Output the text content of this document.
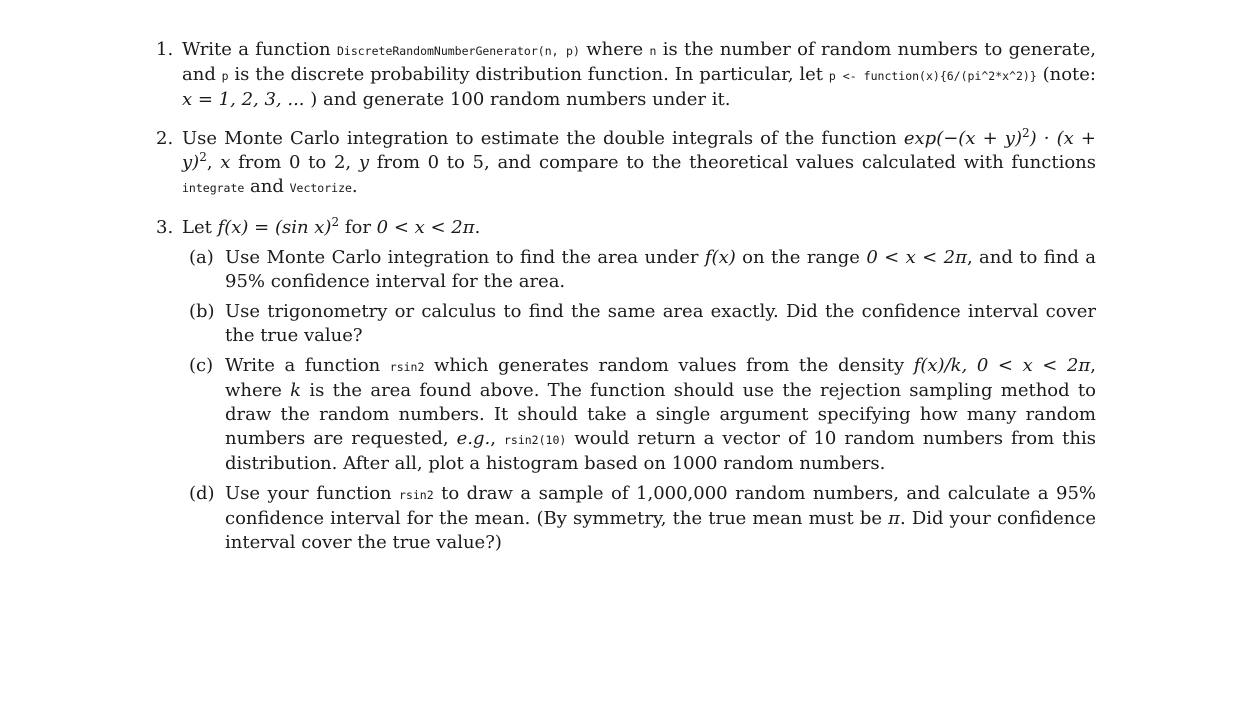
1. Write a function DiscreteRandomNumberGenerator(n, p) where n is the number of random numbers to generate, and p is the discrete probability distribution function. In particular, let p <- function(x){6/(pi^2*x^2)} (note: x = 1, 2, 3, ... ) and generate 100 random numbers under it.
2. Use Monte Carlo integration to estimate the double integrals of the function $\exp(-(x + y)^2) \cdot (x + y)^2$, x from 0 to 2, y from 0 to 5, and compare to the theoretical values calculated with functions integrate and Vectorize.
3. Let f(x) = (sin x)$^2$ for 0 < x < 2π.
(a) Use Monte Carlo integration to find the area under f(x) on the range 0 < x < 2π, and to find a 95% confidence interval for the area.
(b) Use trigonometry or calculus to find the same area exactly. Did the confidence interval cover the true value?
(c) Write a function rsin2 which generates random values from the density f(x)/k, 0 < x < 2π, where k is the area found above. The function should use the rejection sampling method to draw the random numbers. It should take a single argument specifying how many random numbers are requested, e.g., rsin2(10) would return a vector of 10 random numbers from this distribution. After all, plot a histogram based on 1000 random numbers.
(d) Use your function rsin2 to draw a sample of 1,000,000 random numbers, and calculate a 95% confidence interval for the mean. (By symmetry, the true mean must be π. Did your confidence interval cover the true value?)
